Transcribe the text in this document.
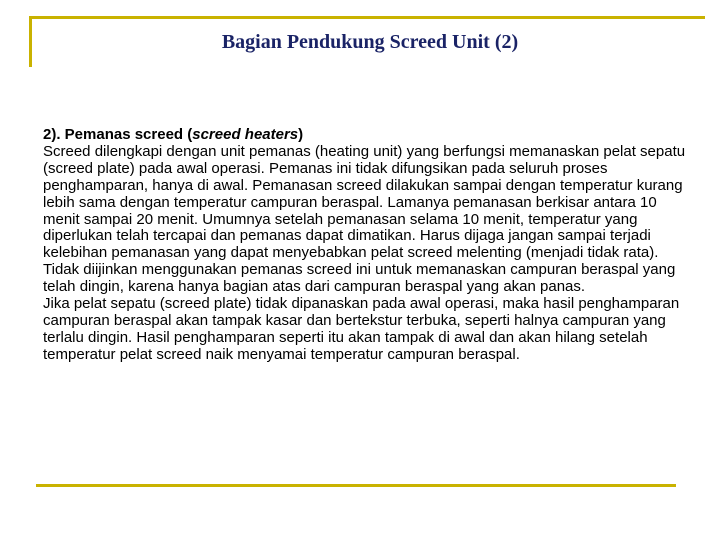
Bagian Pendukung Screed Unit (2)

2). Pemanas screed (screed heaters)

Screed dilengkapi dengan unit pemanas (heating unit) yang berfungsi memanaskan pelat sepatu (screed plate) pada awal operasi. Pemanas ini tidak difungsikan pada seluruh proses penghamparan, hanya di awal. Pemanasan screed dilakukan sampai dengan temperatur kurang lebih sama dengan temperatur campuran beraspal. Lamanya pemanasan berkisar antara 10 menit sampai 20 menit. Umumnya setelah pemanasan selama 10 menit, temperatur yang diperlukan telah tercapai dan pemanas dapat dimatikan. Harus dijaga jangan sampai terjadi kelebihan pemanasan yang dapat menyebabkan pelat screed melenting (menjadi tidak rata). Tidak diijinkan menggunakan pemanas screed ini untuk memanaskan campuran beraspal yang telah dingin, karena hanya bagian atas dari campuran beraspal yang akan panas.

Jika pelat sepatu (screed plate) tidak dipanaskan pada awal operasi, maka hasil penghamparan campuran beraspal akan tampak kasar dan bertekstur terbuka, seperti halnya campuran yang terlalu dingin. Hasil penghamparan seperti itu akan tampak di awal dan akan hilang setelah temperatur pelat screed naik menyamai temperatur campuran beraspal.
